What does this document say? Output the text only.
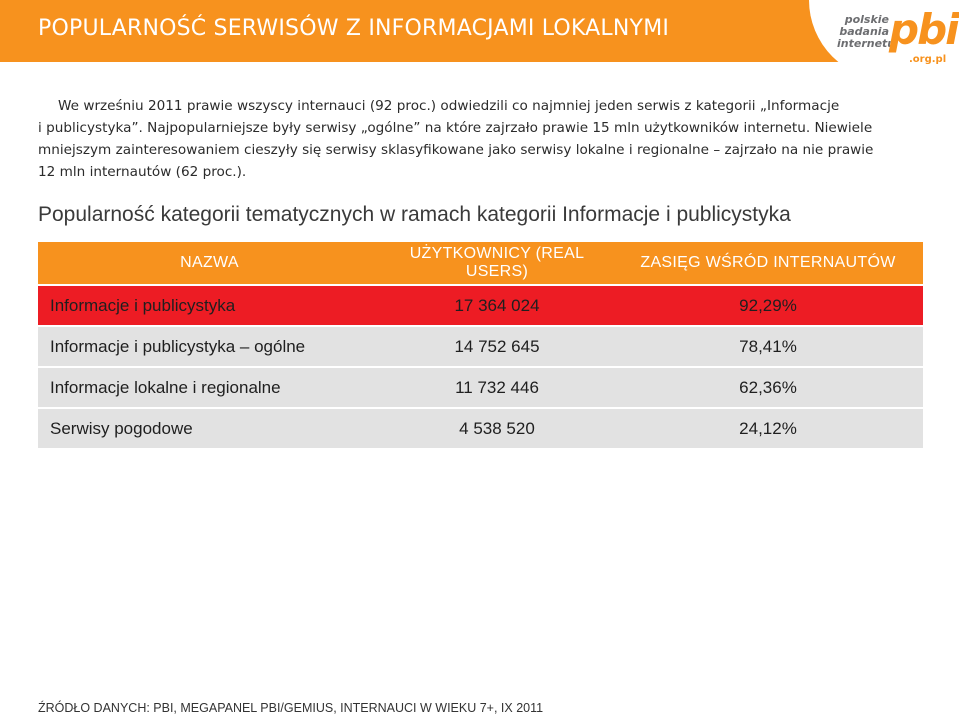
POPULARNOŚĆ SERWISÓW Z INFORMACJAMI LOKALNYMI	polskie
badania
internetu
pbi
.org.pl
We wrześniu 2011 prawie wszyscy internauci (92 proc.) odwiedzili co najmniej jeden serwis z kategorii „Informacje
i publicystyka”. Najpopularniejsze były serwisy „ogólne” na które zajrzało prawie 15 mln użytkowników internetu. Niewiele
mniejszym zainteresowaniem cieszyły się serwisy sklasyfikowane jako serwisy lokalne i regionalne – zajrzało na nie prawie
12 mln internautów (62 proc.).
Popularność kategorii tematycznych w ramach kategorii Informacje i publicystyka
NAZWA	UŻYTKOWNICY (REAL USERS)	ZASIĘG WŚRÓD INTERNAUTÓW
Informacje i publicystyka	17 364 024	92,29%
Informacje i publicystyka – ogólne	14 752 645	78,41%
Informacje lokalne i regionalne	11 732 446	62,36%
Serwisy pogodowe	4 538 520	24,12%
ŹRÓDŁO DANYCH: PBI, MEGAPANEL PBI/GEMIUS, INTERNAUCI W WIEKU 7+, IX 2011
